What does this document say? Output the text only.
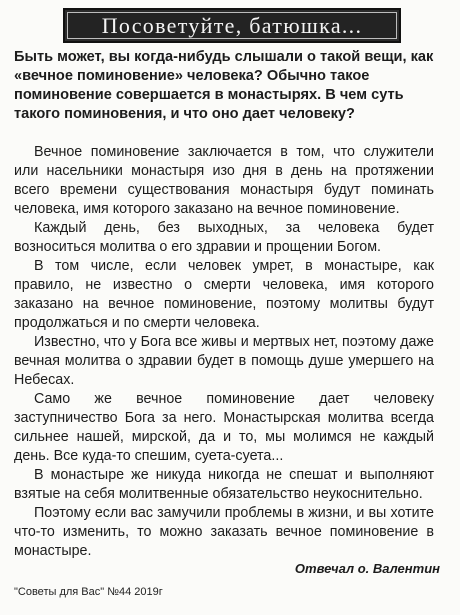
Посоветуйте, батюшка...

Быть может, вы когда-нибудь слышали о такой вещи, как «вечное поминовение» человека? Обычно такое поминовение совершается в монастырях. В чем суть такого поминовения, и что оно дает человеку?

Вечное поминовение заключается в том, что служители или насельники монастыря изо дня в день на протяжении всего времени существования монастыря будут поминать человека, имя которого заказано на вечное поминовение.

Каждый день, без выходных, за человека будет возноситься молитва о его здравии и прощении Богом.

В том числе, если человек умрет, в монастыре, как правило, не известно о смерти человека, имя которого заказано на вечное поминовение, поэтому молитвы будут продолжаться и по смерти человека.

Известно, что у Бога все живы и мертвых нет, поэтому даже вечная молитва о здравии будет в помощь душе умершего на Небесах.

Само же вечное поминовение дает человеку заступничество Бога за него. Монастырская молитва всегда сильнее нашей, мирской, да и то, мы молимся не каждый день. Все куда-то спешим, суета-суета...

В монастыре же никуда никогда не спешат и выполняют взятые на себя молитвенные обязательство неукоснительно.

Поэтому если вас замучили проблемы в жизни, и вы хотите что-то изменить, то можно заказать вечное поминовение в монастыре.

Отвечал о. Валентин
"Советы для Вас" №44 2019г
